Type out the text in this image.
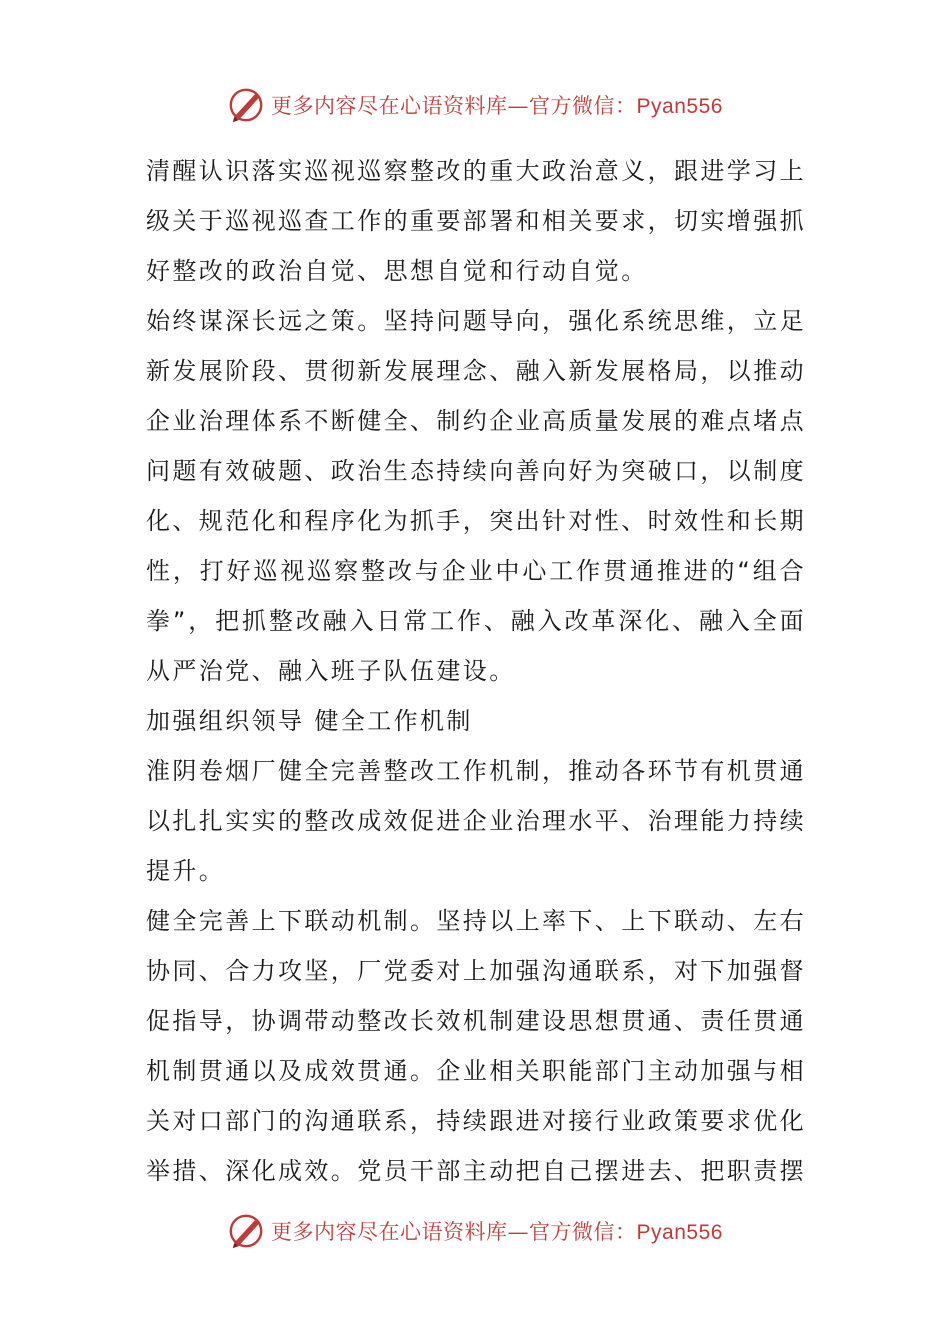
更多内容尽在心语资料库—官方微信：Pyan556

清醒认识落实巡视巡察整改的重大政治意义，跟进学习上级关于巡视巡查工作的重要部署和相关要求，切实增强抓好整改的政治自觉、思想自觉和行动自觉。

始终谋深长远之策。坚持问题导向，强化系统思维，立足新发展阶段、贯彻新发展理念、融入新发展格局，以推动企业治理体系不断健全、制约企业高质量发展的难点堵点问题有效破题、政治生态持续向善向好为突破口，以制度化、规范化和程序化为抓手，突出针对性、时效性和长期性，打好巡视巡察整改与企业中心工作贯通推进的“组合拳”，把抓整改融入日常工作、融入改革深化、融入全面从严治党、融入班子队伍建设。

加强组织领导 健全工作机制

淮阴卷烟厂健全完善整改工作机制，推动各环节有机贯通以扎扎实实的整改成效促进企业治理水平、治理能力持续提升。

健全完善上下联动机制。坚持以上率下、上下联动、左右协同、合力攻坚，厂党委对上加强沟通联系，对下加强督促指导，协调带动整改长效机制建设思想贯通、责任贯通机制贯通以及成效贯通。企业相关职能部门主动加强与相关对口部门的沟通联系，持续跟进对接行业政策要求优化举措、深化成效。党员干部主动把自己摆进去、把职责摆

更多内容尽在心语资料库—官方微信：Pyan556
